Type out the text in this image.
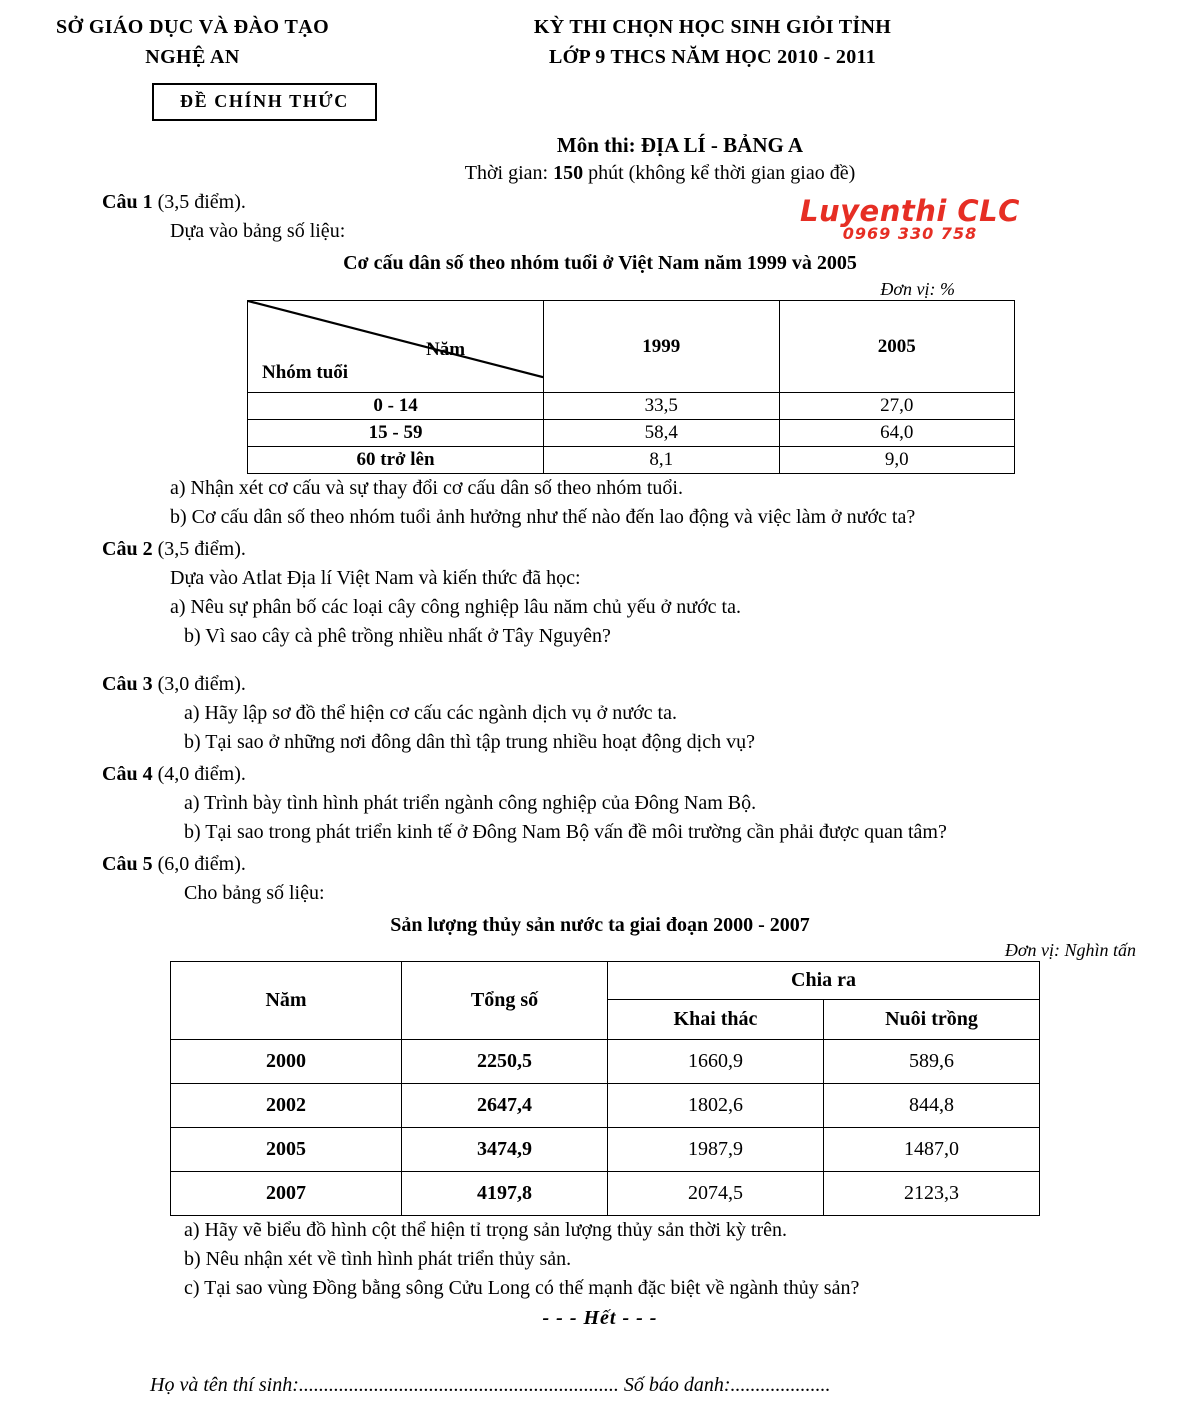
SỞ GIÁO DỤC VÀ ĐÀO TẠO
NGHỆ AN
KỲ THI CHỌN HỌC SINH GIỎI TỈNH
LỚP 9 THCS NĂM HỌC 2010 - 2011
ĐỀ CHÍNH THỨC
Môn thi: ĐỊA LÍ - BẢNG A
Thời gian: 150 phút (không kể thời gian giao đề)
Luyenthi CLC
0969 330 758
Câu 1 (3,5 điểm).
Dựa vào bảng số liệu:
Cơ cấu dân số theo nhóm tuổi ở Việt Nam năm 1999 và 2005
Đơn vị: %
Năm
Nhóm tuổi	1999	2005
0 - 14	33,5	27,0
15 - 59	58,4	64,0
60 trở lên	8,1	9,0
a) Nhận xét cơ cấu và sự thay đổi cơ cấu dân số theo nhóm tuổi.
b) Cơ cấu dân số theo nhóm tuổi ảnh hưởng như thế nào đến lao động và việc làm ở nước ta?
Câu 2 (3,5 điểm).
Dựa vào Atlat Địa lí Việt Nam và kiến thức đã học:
a) Nêu sự phân bố các loại cây công nghiệp lâu năm chủ yếu ở nước ta.
b) Vì sao cây cà phê trồng nhiều nhất ở Tây Nguyên?
Câu 3 (3,0 điểm).
a) Hãy lập sơ đồ thể hiện cơ cấu các ngành dịch vụ ở nước ta.
b) Tại sao ở những nơi đông dân thì tập trung nhiều hoạt động dịch vụ?
Câu 4 (4,0 điểm).
a) Trình bày tình hình phát triển ngành công nghiệp của Đông Nam Bộ.
b) Tại sao trong phát triển kinh tế ở Đông Nam Bộ vấn đề môi trường cần phải được quan tâm?
Câu 5 (6,0 điểm).
Cho bảng số liệu:
Sản lượng thủy sản nước ta giai đoạn 2000 - 2007
Đơn vị: Nghìn tấn
Năm	Tổng số	Chia ra	
		Khai thác	Nuôi trồng
2000	2250,5	1660,9	589,6
2002	2647,4	1802,6	844,8
2005	3474,9	1987,9	1487,0
2007	4197,8	2074,5	2123,3
a) Hãy vẽ biểu đồ hình cột thể hiện tỉ trọng sản lượng thủy sản thời kỳ trên.
b) Nêu nhận xét về tình hình phát triển thủy sản.
c) Tại sao vùng Đồng bằng sông Cửu Long có thế mạnh đặc biệt về ngành thủy sản?
- - - Hết - - -
Họ và tên thí sinh:................................................................ Số báo danh:....................
